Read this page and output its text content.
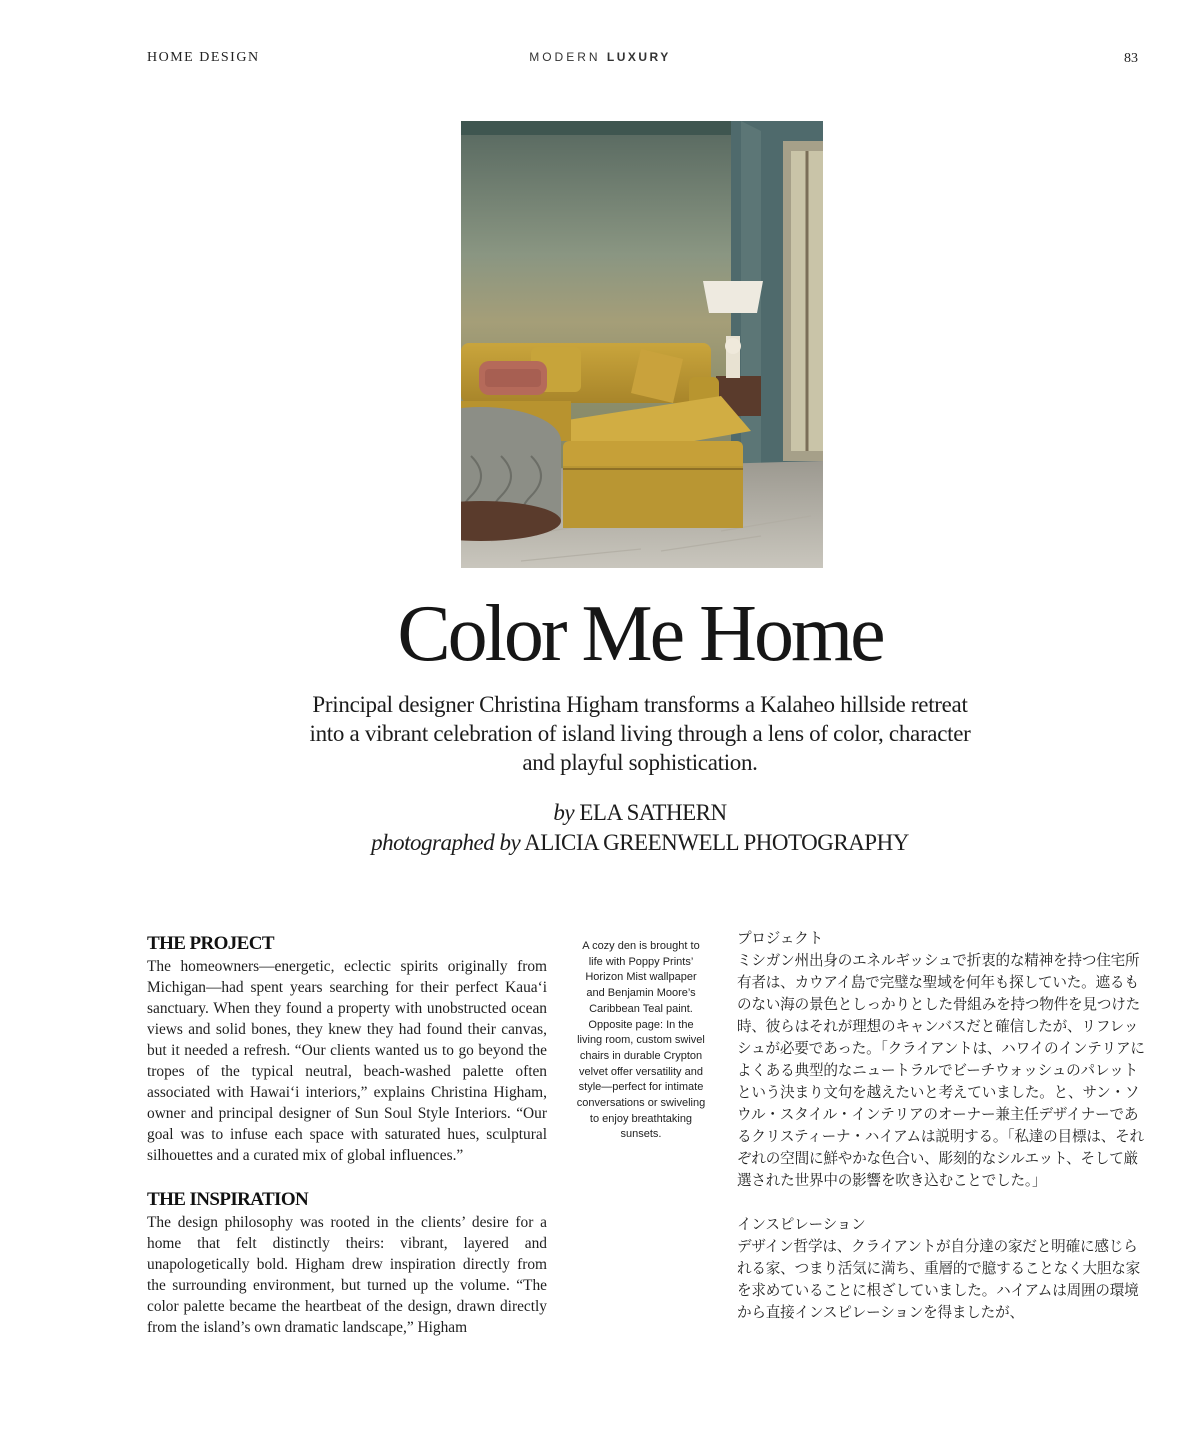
HOME DESIGN	MODERN LUXURY	83
Color Me Home
Principal designer Christina Higham transforms a Kalaheo hillside retreat into a vibrant celebration of island living through a lens of color, character and playful sophistication.
by ELA SATHERN
photographed by ALICIA GREENWELL PHOTOGRAPHY
THE PROJECT

The homeowners—energetic, eclectic spirits originally from Michigan—had spent years searching for their perfect Kaua‘i sanctuary. When they found a property with unobstructed ocean views and solid bones, they knew they had found their canvas, but it needed a refresh. “Our clients wanted us to go beyond the tropes of the typical neutral, beach-washed palette often associated with Hawai‘i interiors,” explains Christina Higham, owner and principal designer of Sun Soul Style Interiors. “Our goal was to infuse each space with saturated hues, sculptural silhouettes and a curated mix of global influences.”

THE INSPIRATION

The design philosophy was rooted in the clients’ desire for a home that felt distinctly theirs: vibrant, layered and unapologetically bold. Higham drew inspiration directly from the surrounding environment, but turned up the volume. “The color palette became the heartbeat of the design, drawn directly from the island’s own dramatic landscape,” Higham

A cozy den is brought to life with Poppy Prints’ Horizon Mist wallpaper and Benjamin Moore’s Caribbean Teal paint. Opposite page: In the living room, custom swivel chairs in durable Crypton velvet offer versatility and style—perfect for intimate conversations or swiveling to enjoy breathtaking sunsets.

プロジェクト

ミシガン州出身のエネルギッシュで折衷的な精神を持つ住宅所有者は、カウアイ島で完璧な聖域を何年も探していた。遮るものない海の景色としっかりとした骨組みを持つ物件を見つけた時、彼らはそれが理想のキャンバスだと確信したが、リフレッシュが必要であった。「クライアントは、ハワイのインテリアによくある典型的なニュートラルでビーチウォッシュのパレットという決まり文句を越えたいと考えていました。と、サン・ソウル・スタイル・インテリアのオーナー兼主任デザイナーであるクリスティーナ・ハイアムは説明する。「私達の目標は、それぞれの空間に鮮やかな色合い、彫刻的なシルエット、そして厳選された世界中の影響を吹き込むことでした。」

インスピレーション

デザイン哲学は、クライアントが自分達の家だと明確に感じられる家、つまり活気に満ち、重層的で臆することなく大胆な家を求めていることに根ざしていました。ハイアムは周囲の環境から直接インスピレーションを得ましたが、
